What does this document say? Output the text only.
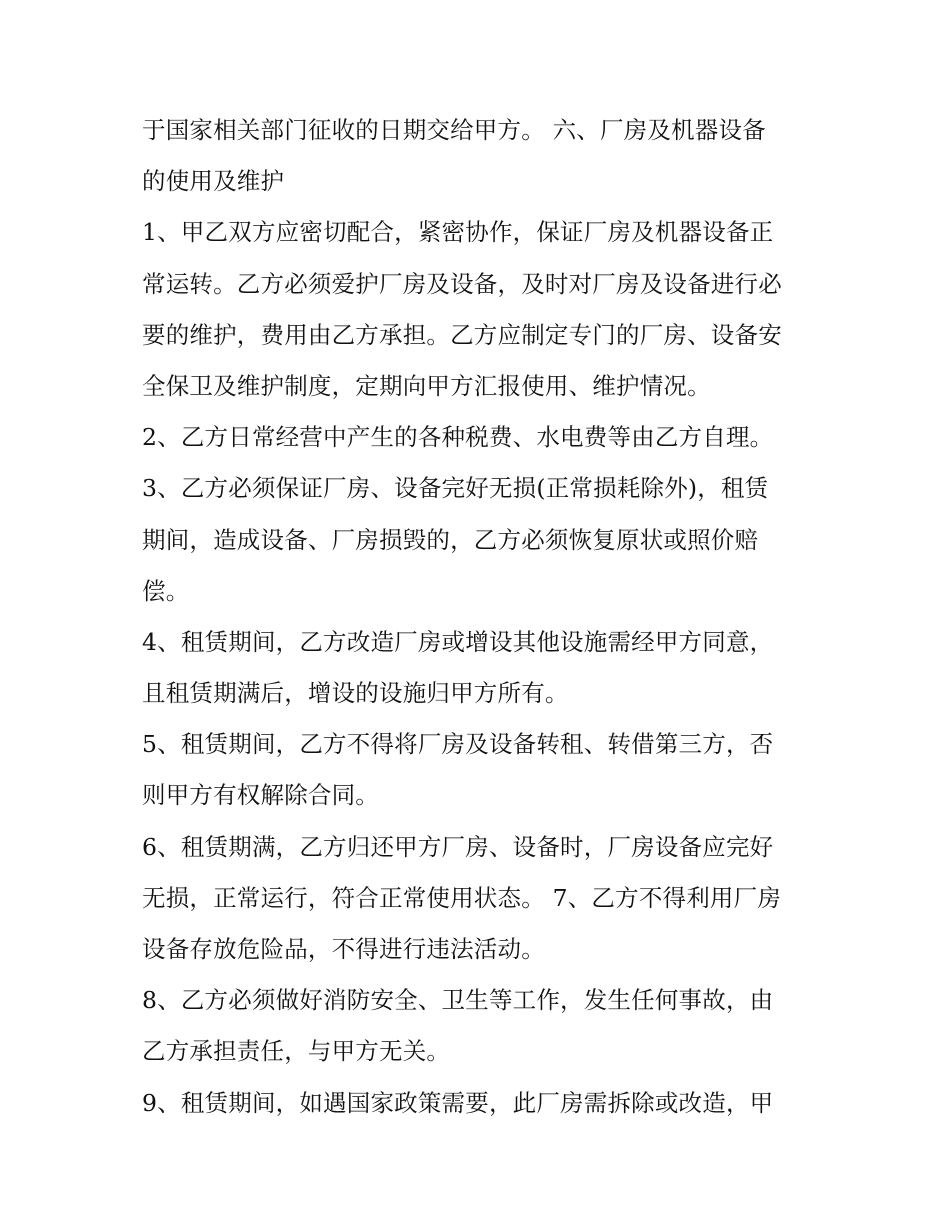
于国家相关部门征收的日期交给甲方。 六、厂房及机器设备
的使用及维护
1、甲乙双方应密切配合，紧密协作，保证厂房及机器设备正
常运转。乙方必须爱护厂房及设备，及时对厂房及设备进行必
要的维护，费用由乙方承担。乙方应制定专门的厂房、设备安
全保卫及维护制度，定期向甲方汇报使用、维护情况。
2、乙方日常经营中产生的各种税费、水电费等由乙方自理。
3、乙方必须保证厂房、设备完好无损(正常损耗除外)，租赁
期间，造成设备、厂房损毁的，乙方必须恢复原状或照价赔
偿。
4、租赁期间，乙方改造厂房或增设其他设施需经甲方同意，
且租赁期满后，增设的设施归甲方所有。
5、租赁期间，乙方不得将厂房及设备转租、转借第三方，否
则甲方有权解除合同。
6、租赁期满，乙方归还甲方厂房、设备时，厂房设备应完好
无损，正常运行，符合正常使用状态。 7、乙方不得利用厂房
设备存放危险品，不得进行违法活动。
8、乙方必须做好消防安全、卫生等工作，发生任何事故，由
乙方承担责任，与甲方无关。
9、租赁期间，如遇国家政策需要，此厂房需拆除或改造，甲
